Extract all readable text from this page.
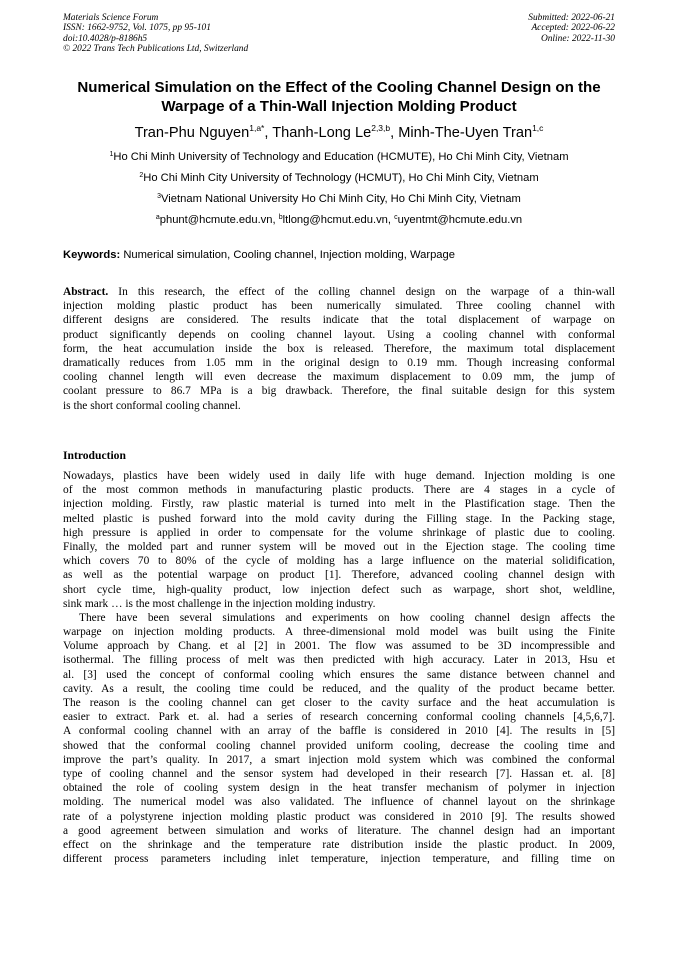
Materials Science Forum
ISSN: 1662-9752, Vol. 1075, pp 95-101
doi:10.4028/p-8186h5
© 2022 Trans Tech Publications Ltd, Switzerland
Submitted: 2022-06-21
Accepted: 2022-06-22
Online: 2022-11-30
Numerical Simulation on the Effect of the Cooling Channel Design on the Warpage of a Thin-Wall Injection Molding Product
Tran-Phu Nguyen$^{1,a*}$, Thanh-Long Le$^{2,3,b}$, Minh-The-Uyen Tran$^{1,c}$
$^1$Ho Chi Minh University of Technology and Education (HCMUTE), Ho Chi Minh City, Vietnam
$^2$Ho Chi Minh City University of Technology (HCMUT), Ho Chi Minh City, Vietnam
$^3$Vietnam National University Ho Chi Minh City, Ho Chi Minh City, Vietnam
$^a$phunt@hcmute.edu.vn, $^b$ltlong@hcmut.edu.vn, $^c$uyentmt@hcmute.edu.vn
Keywords: Numerical simulation, Cooling channel, Injection molding, Warpage
Abstract. In this research, the effect of the colling channel design on the warpage of a thin-wall
injection molding plastic product has been numerically simulated. Three cooling channel with
different designs are considered. The results indicate that the total displacement of warpage on
product significantly depends on cooling channel layout. Using a cooling channel with conformal
form, the heat accumulation inside the box is released. Therefore, the maximum total displacement
dramatically reduces from 1.05 mm in the original design to 0.19 mm. Though increasing conformal
cooling channel length will even decrease the maximum displacement to 0.09 mm, the jump of
coolant pressure to 86.7 MPa is a big drawback. Therefore, the final suitable design for this system
is the short conformal cooling channel.
Introduction
Nowadays, plastics have been widely used in daily life with huge demand. Injection molding is one
of the most common methods in manufacturing plastic products. There are 4 stages in a cycle of
injection molding. Firstly, raw plastic material is turned into melt in the Plastification stage. Then the
melted plastic is pushed forward into the mold cavity during the Filling stage. In the Packing stage,
high pressure is applied in order to compensate for the volume shrinkage of plastic due to cooling.
Finally, the molded part and runner system will be moved out in the Ejection stage. The cooling time
which covers 70 to 80% of the cycle of molding has a large influence on the material solidification,
as well as the potential warpage on product [1]. Therefore, advanced cooling channel design with
short cycle time, high-quality product, low injection defect such as warpage, short shot, weldline,
sink mark … is the most challenge in the injection molding industry.
There have been several simulations and experiments on how cooling channel design affects the
warpage on injection molding products. A three-dimensional mold model was built using the Finite
Volume approach by Chang. et al [2] in 2001. The flow was assumed to be 3D incompressible and
isothermal. The filling process of melt was then predicted with high accuracy. Later in 2013, Hsu et
al. [3] used the concept of conformal cooling which ensures the same distance between channel and
cavity. As a result, the cooling time could be reduced, and the quality of the product became better.
The reason is the cooling channel can get closer to the cavity surface and the heat accumulation is
easier to extract. Park et. al. had a series of research concerning conformal cooling channels [4,5,6,7].
A conformal cooling channel with an array of the baffle is considered in 2010 [4]. The results in [5]
showed that the conformal cooling channel provided uniform cooling, decrease the cooling time and
improve the part’s quality. In 2017, a smart injection mold system which was combined the conformal
type of cooling channel and the sensor system had developed in their research [7]. Hassan et. al. [8]
obtained the role of cooling system design in the heat transfer mechanism of polymer in injection
molding. The numerical model was also validated. The influence of channel layout on the shrinkage
rate of a polystyrene injection molding plastic product was considered in 2010 [9]. The results showed
a good agreement between simulation and works of literature. The channel design had an important
effect on the shrinkage and the temperature rate distribution inside the plastic product. In 2009,
different process parameters including inlet temperature, injection temperature, and filling time on
